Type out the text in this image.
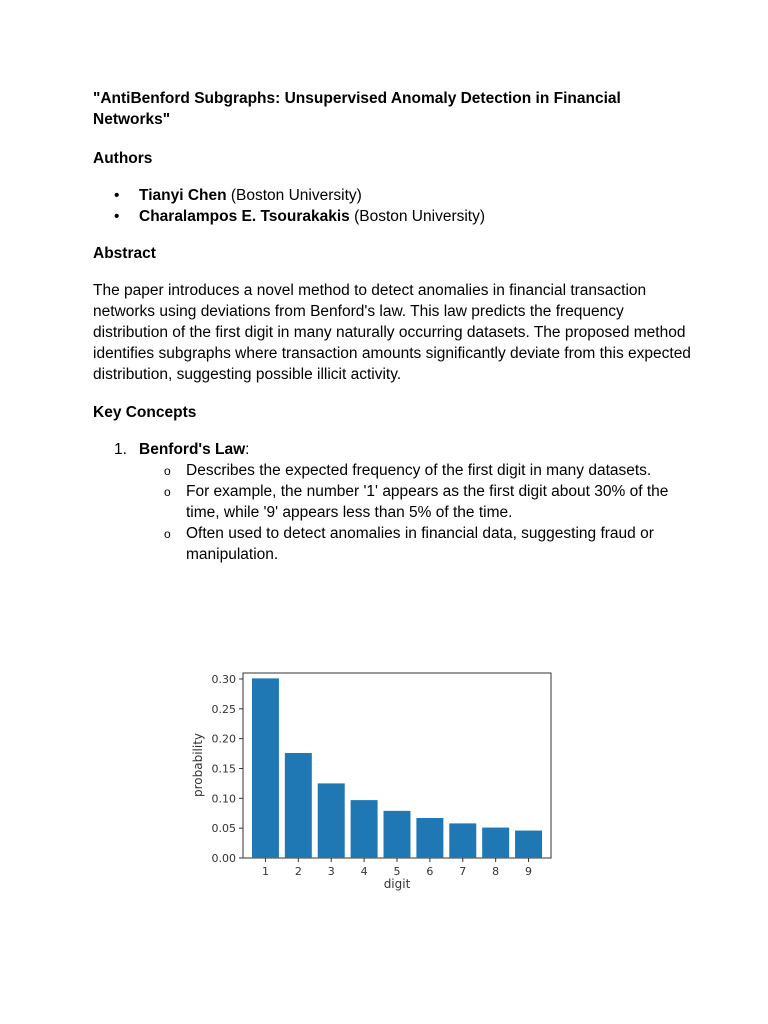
"AntiBenford Subgraphs: Unsupervised Anomaly Detection in Financial Networks"

Authors

• Tianyi Chen (Boston University)
• Charalampos E. Tsourakakis (Boston University)

Abstract

The paper introduces a novel method to detect anomalies in financial transaction networks using deviations from Benford's law. This law predicts the frequency distribution of the first digit in many naturally occurring datasets. The proposed method identifies subgraphs where transaction amounts significantly deviate from this expected distribution, suggesting possible illicit activity.

Key Concepts

1. Benford's Law:
o Describes the expected frequency of the first digit in many datasets.
o For example, the number '1' appears as the first digit about 30% of the time, while '9' appears less than 5% of the time.
o Often used to detect anomalies in financial data, suggesting fraud or manipulation.
0.00
0.05
0.10
0.15
0.20
0.25
0.30
1 2 3 4 5 6 7 8 9
digit
probability
